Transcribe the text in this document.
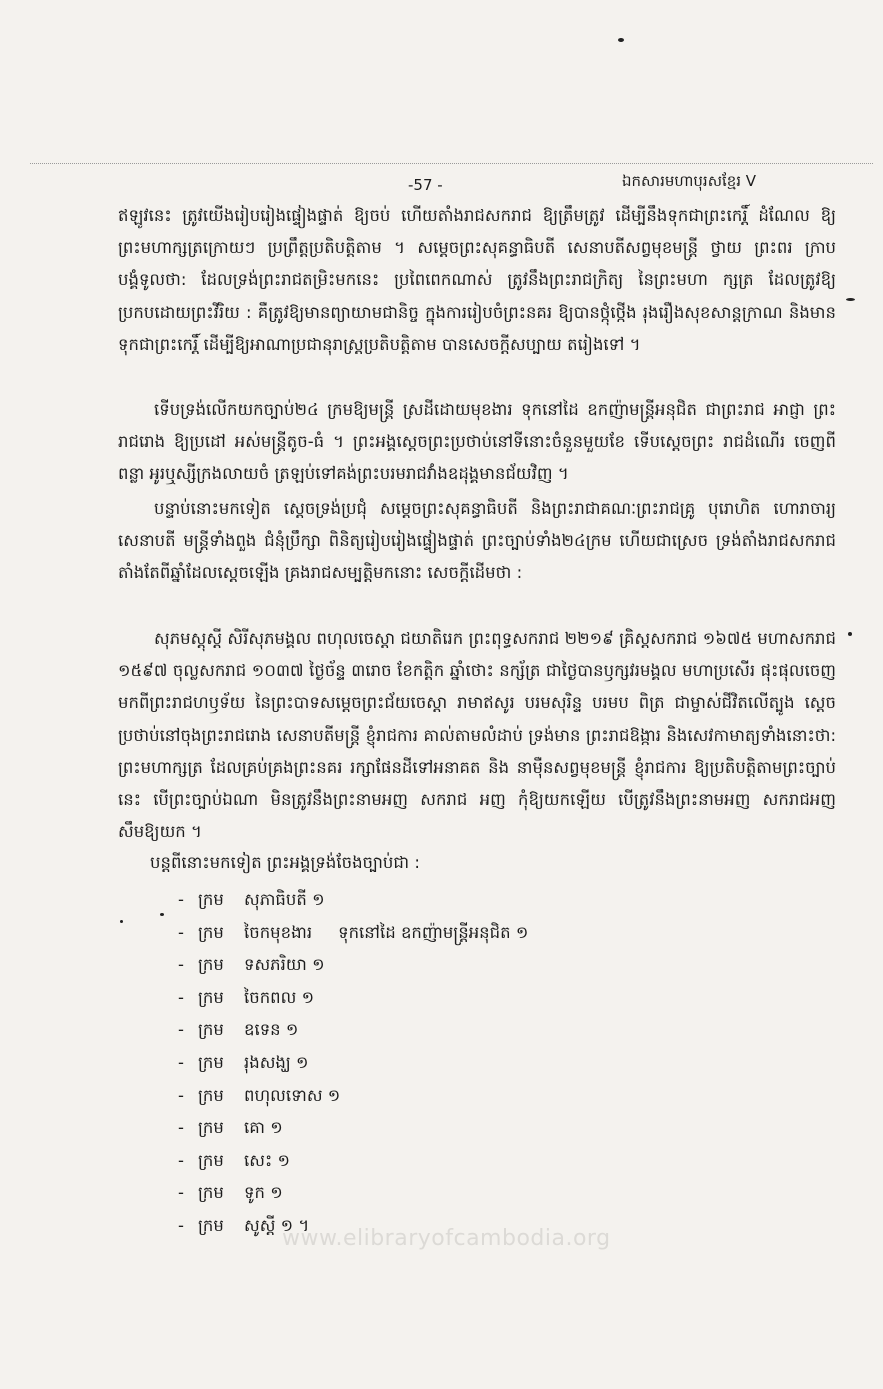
-57 -	ឯកសារមហាបុរសខ្មែរ V

ឥឡូវនេះ ត្រូវយើងរៀបរៀងផ្ទៀងផ្ទាត់ ឱ្យចប់ ហើយតាំងរាជសករាជ ឱ្យត្រឹមត្រូវ ដើម្បីនឹងទុកជាព្រះកេរ្តិ៍ ដំណែល ឱ្យព្រះមហាក្សត្រក្រោយៗ ប្រព្រឹត្តប្រតិបត្តិតាម ។ សម្តេចព្រះសុគន្ធាធិបតី សេនាបតីសព្វមុខមន្ត្រី ថ្វាយ ព្រះពរ ក្រាបបង្គំទូលថា: ដែលទ្រង់ព្រះរាជតម្រិះមកនេះ ប្រពៃពេកណាស់ ត្រូវនឹងព្រះរាជក្រិត្យ នៃព្រះមហា ក្សត្រ ដែលត្រូវឱ្យប្រកបដោយព្រះវីរិយ : គឺត្រូវឱ្យមានព្យាយាមជានិច្ច ក្នុងការរៀបចំព្រះនគរ ឱ្យបានថ្កុំថ្កើង រុងរឿងសុខសាន្តក្រាណ និងមានទុកជាព្រះកេរ្តិ៍ ដើម្បីឱ្យអាណាប្រជានុរាស្ត្រប្រតិបត្តិតាម បានសេចក្តីសប្បាយ តរៀងទៅ ។

ទើបទ្រង់លើកយកច្បាប់២៤ ក្រមឱ្យមន្ត្រី ស្រដីដោយមុខងារ ទុកនៅដៃ ឧកញ៉ាមន្ត្រីអនុជិត ជាព្រះរាជ អាជ្ញា ព្រះរាជរោង ឱ្យប្រដៅ អស់មន្ត្រីតូច-ធំ ។ ព្រះអង្គស្តេចព្រះប្រថាប់នៅទីនោះចំនួនមួយខែ ទើបស្តេចព្រះ រាជដំណើរ ចេញពីពន្លា អូរឬស្សីក្រងលាយចំ ត្រឡប់ទៅគង់ព្រះបរមរាជវាំងឧដុង្គមានជ័យវិញ ។

បន្ទាប់នោះមកទៀត ស្តេចទ្រង់ប្រជុំ សម្តេចព្រះសុគន្ធាធិបតី និងព្រះរាជាគណៈព្រះរាជគ្រូ បុរោហិត ហោរាចារ្យ សេនាបតី មន្ត្រីទាំងពួង ជំនុំប្រឹក្សា ពិនិត្យរៀបរៀងផ្ទៀងផ្ទាត់ ព្រះច្បាប់ទាំង២៤ក្រម ហើយជាស្រេច ទ្រង់តាំងរាជសករាជ តាំងតែពីឆ្នាំដែលស្តេចឡើង គ្រងរាជសម្បត្តិមកនោះ សេចក្តីដើមថា :

សុភមស្តុស្តី សិរីសុភមង្គល ពហុលចេស្តា ជយាតិរេក ព្រះពុទ្ធសករាជ ២២១៩ គ្រិស្តសករាជ ១៦៧៥ មហាសករាជ ១៥៩៧ ចុល្លសករាជ ១០៣៧ ថ្ងៃច័ន្ទ ៣រោច ខែកត្តិក ឆ្នាំថោះ នក្ស័ត្រ ជាថ្ងៃបានឫក្សវរមង្គល មហាប្រសើរ ផុះផុលចេញមកពីព្រះរាជហឫទ័យ នៃព្រះបាទសម្តេចព្រះជ័យចេស្តា រាមាឥសូរ បរមសុរិន្ទ បរមប ពិត្រ ជាម្ចាស់ជីវិតលើត្បូង ស្តេចប្រថាប់នៅចុងព្រះរាជរោង សេនាបតីមន្ត្រី ខ្ញុំរាជការ គាល់តាមលំដាប់ ទ្រង់មាន ព្រះរាជឱង្ការ និងសេវកាមាត្យទាំងនោះថា: ព្រះមហាក្សត្រ ដែលគ្រប់គ្រងព្រះនគរ រក្សាផែនដីទៅអនាគត និង នាម៉ឺនសព្វមុខមន្ត្រី ខ្ញុំរាជការ ឱ្យប្រតិបត្តិតាមព្រះច្បាប់នេះ បើព្រះច្បាប់ឯណា មិនត្រូវនឹងព្រះនាមអញ សករាជ អញ កុំឱ្យយកឡើយ បើត្រូវនឹងព្រះនាមអញ សករាជអញ សឹមឱ្យយក ។

បន្តពីនោះមកទៀត ព្រះអង្គទ្រង់ចែងច្បាប់ជា :
- ក្រម សុភាធិបតី ១
- ក្រម ចៃកមុខងារ ទុកនៅដៃ ឧកញ៉ាមន្ត្រីអនុជិត ១
- ក្រម ទសភរិយា ១
- ក្រម ចៃកពល ១
- ក្រម ឧទេន ១
- ក្រម រុងសង្ឃ ១
- ក្រម ពហុលទោស ១
- ក្រម គោ ១
- ក្រម សេះ ១
- ក្រម ទូក ១
- ក្រម សូស្តី ១ ។
www.elibraryofcambodia.org
